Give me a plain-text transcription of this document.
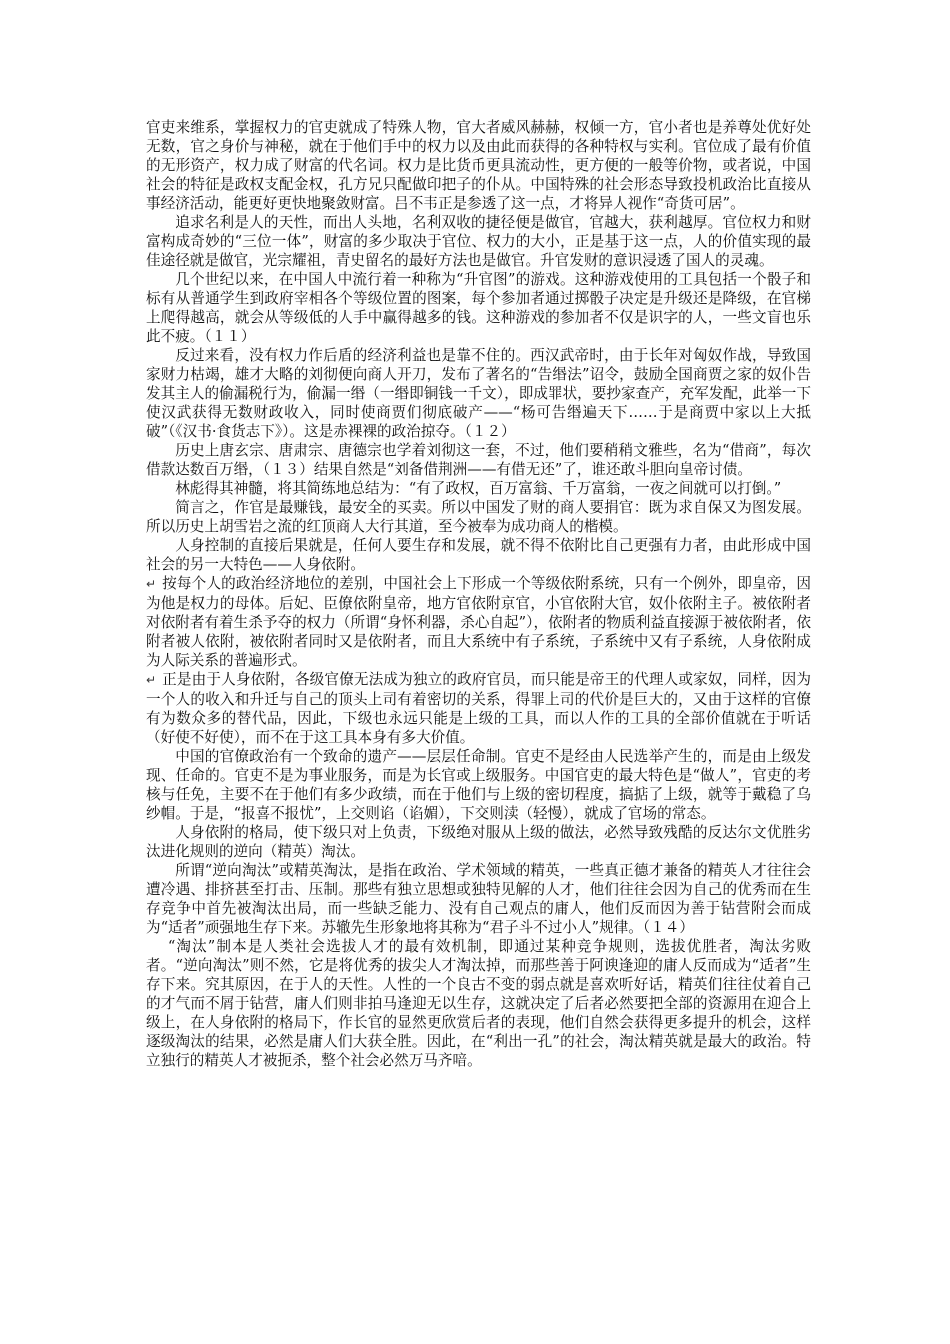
官吏来维系，掌握权力的官吏就成了特殊人物，官大者威风赫赫，权倾一方，官小者也是养尊处优好处无数，官之身价与神秘，就在于他们手中的权力以及由此而获得的各种特权与实利。官位成了最有价值的无形资产，权力成了财富的代名词。权力是比货币更具流动性，更方便的一般等价物，或者说，中国社会的特征是政权支配金权，孔方兄只配做印把子的仆从。中国特殊的社会形态导致投机政治比直接从事经济活动，能更好更快地聚敛财富。吕不韦正是参透了这一点，才将异人视作“奇货可居”。

追求名利是人的天性，而出人头地，名利双收的捷径便是做官，官越大，获利越厚。官位权力和财富构成奇妙的“三位一体”，财富的多少取决于官位、权力的大小，正是基于这一点，人的价值实现的最佳途径就是做官，光宗耀祖，青史留名的最好方法也是做官。升官发财的意识浸透了国人的灵魂。

几个世纪以来，在中国人中流行着一种称为“升官图”的游戏。这种游戏使用的工具包括一个骰子和标有从普通学生到政府宰相各个等级位置的图案，每个参加者通过掷骰子决定是升级还是降级，在官梯上爬得越高，就会从等级低的人手中赢得越多的钱。这种游戏的参加者不仅是识字的人，一些文盲也乐此不疲。（１１）

反过来看，没有权力作后盾的经济利益也是靠不住的。西汉武帝时，由于长年对匈奴作战，导致国家财力枯竭，雄才大略的刘彻便向商人开刀，发布了著名的“告缗法”诏令，鼓励全国商贾之家的奴仆告发其主人的偷漏税行为，偷漏一缗（一缗即铜钱一千文），即成罪状，要抄家查产，充军发配，此举一下使汉武获得无数财政收入，同时使商贾们彻底破产——“杨可告缗遍天下……于是商贾中家以上大抵破”（《汉书·食货志下》）。这是赤裸裸的政治掠夺。（１２）

历史上唐玄宗、唐肃宗、唐德宗也学着刘彻这一套，不过，他们要稍稍文雅些，名为“借商”，每次借款达数百万缗，（１３）结果自然是“刘备借荆洲——有借无还”了，谁还敢斗胆向皇帝讨债。

林彪得其神髓，将其简练地总结为：“有了政权，百万富翁、千万富翁，一夜之间就可以打倒。”

简言之，作官是最赚钱，最安全的买卖。所以中国发了财的商人要捐官：既为求自保又为图发展。所以历史上胡雪岩之流的红顶商人大行其道，至今被奉为成功商人的楷模。

人身控制的直接后果就是，任何人要生存和发展，就不得不依附比自己更强有力者，由此形成中国社会的另一大特色——人身依附。

↵ 按每个人的政治经济地位的差别，中国社会上下形成一个等级依附系统，只有一个例外，即皇帝，因为他是权力的母体。后妃、臣僚依附皇帝，地方官依附京官，小官依附大官，奴仆依附主子。被依附者对依附者有着生杀予夺的权力（所谓“身怀利器，杀心自起”），依附者的物质利益直接源于被依附者，依附者被人依附，被依附者同时又是依附者，而且大系统中有子系统，子系统中又有子系统，人身依附成为人际关系的普遍形式。

↵ 正是由于人身依附，各级官僚无法成为独立的政府官员，而只能是帝王的代理人或家奴，同样，因为一个人的收入和升迁与自己的顶头上司有着密切的关系，得罪上司的代价是巨大的，又由于这样的官僚有为数众多的替代品，因此，下级也永远只能是上级的工具，而以人作的工具的全部价值就在于听话（好使不好使），而不在于这工具本身有多大价值。

中国的官僚政治有一个致命的遗产——层层任命制。官吏不是经由人民选举产生的，而是由上级发现、任命的。官吏不是为事业服务，而是为长官或上级服务。中国官吏的最大特色是“做人”，官吏的考核与任免，主要不在于他们有多少政绩，而在于他们与上级的密切程度，搞掂了上级，就等于戴稳了乌纱帽。于是，“报喜不报忧”，上交则谄（谄媚），下交则渎（轻慢），就成了官场的常态。

人身依附的格局，使下级只对上负责，下级绝对服从上级的做法，必然导致残酷的反达尔文优胜劣汰进化规则的逆向（精英）淘汰。

所谓“逆向淘汰”或精英淘汰，是指在政治、学术领域的精英，一些真正德才兼备的精英人才往往会遭冷遇、排挤甚至打击、压制。那些有独立思想或独特见解的人才，他们往往会因为自己的优秀而在生存竞争中首先被淘汰出局，而一些缺乏能力、没有自己观点的庸人，他们反而因为善于钻营附会而成为“适者”顽强地生存下来。苏辙先生形象地将其称为“君子斗不过小人”规律。（１４）

“淘汰”制本是人类社会选拔人才的最有效机制，即通过某种竞争规则，选拔优胜者，淘汰劣败者。“逆向淘汰”则不然，它是将优秀的拔尖人才淘汰掉，而那些善于阿谀逢迎的庸人反而成为“适者”生存下来。究其原因，在于人的天性。人性的一个良古不变的弱点就是喜欢听好话，精英们往往仗着自己的才气而不屑于钻营，庸人们则非拍马逢迎无以生存，这就决定了后者必然要把全部的资源用在迎合上级上，在人身依附的格局下，作长官的显然更欣赏后者的表现，他们自然会获得更多提升的机会，这样逐级淘汰的结果，必然是庸人们大获全胜。因此，在“利出一孔”的社会，淘汰精英就是最大的政治。特立独行的精英人才被扼杀，整个社会必然万马齐喑。
